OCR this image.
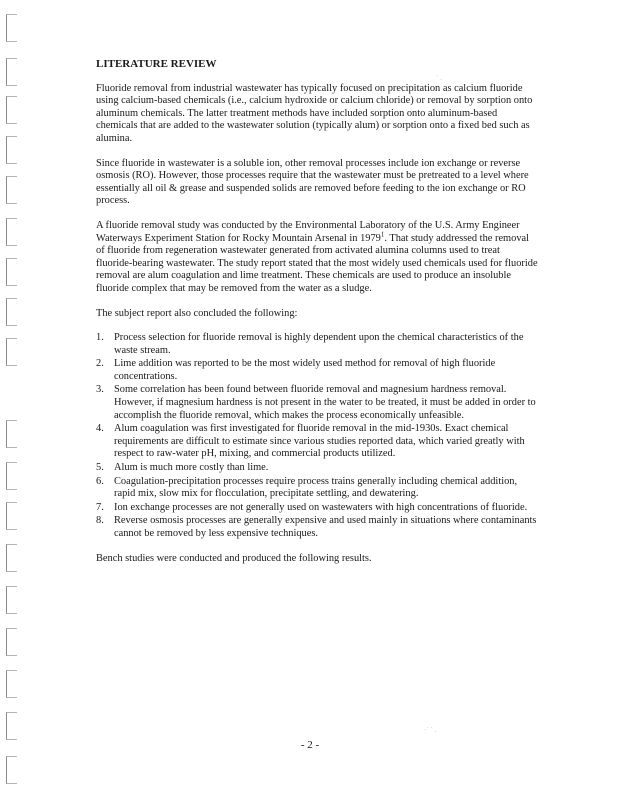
˙ .
·˙ ˙ .
LITERATURE REVIEW

Fluoride removal from industrial wastewater has typically focused on precipitation as calcium fluoride using calcium-based chemicals (i.e., calcium hydroxide or calcium chloride) or removal by sorption onto aluminum chemicals. The latter treatment methods have included sorption onto aluminum-based chemicals that are added to the wastewater solution (typically alum) or sorption onto a fixed bed such as alumina.

Since fluoride in wastewater is a soluble ion, other removal processes include ion exchange or reverse osmosis (RO). However, those processes require that the wastewater must be pretreated to a level where essentially all oil & grease and suspended solids are removed before feeding to the ion exchange or RO process.

A fluoride removal study was conducted by the Environmental Laboratory of the U.S. Army Engineer Waterways Experiment Station for Rocky Mountain Arsenal in 1979$^1$. That study addressed the removal of fluoride from regeneration wastewater generated from activated alumina columns used to treat fluoride-bearing wastewater. The study report stated that the most widely used chemicals used for fluoride removal are alum coagulation and lime treatment. These chemicals are used to produce an insoluble fluoride complex that may be removed from the water as a sludge.

The subject report also concluded the following:

1. Process selection for fluoride removal is highly dependent upon the chemical characteristics of the waste stream.
2. Lime addition was reported to be the most widely used method for removal of high fluoride concentrations.
3. Some correlation has been found between fluoride removal and magnesium hardness removal. However, if magnesium hardness is not present in the water to be treated, it must be added in order to accomplish the fluoride removal, which makes the process economically unfeasible.
4. Alum coagulation was first investigated for fluoride removal in the mid-1930s. Exact chemical requirements are difficult to estimate since various studies reported data, which varied greatly with respect to raw-water pH, mixing, and commercial products utilized.
5. Alum is much more costly than lime.
6. Coagulation-precipitation processes require process trains generally including chemical addition, rapid mix, slow mix for flocculation, precipitate settling, and dewatering.
7. Ion exchange processes are not generally used on wastewaters with high concentrations of fluoride.
8. Reverse osmosis processes are generally expensive and used mainly in situations where contaminants cannot be removed by less expensive techniques.

Bench studies were conducted and produced the following results.

- 2 -
